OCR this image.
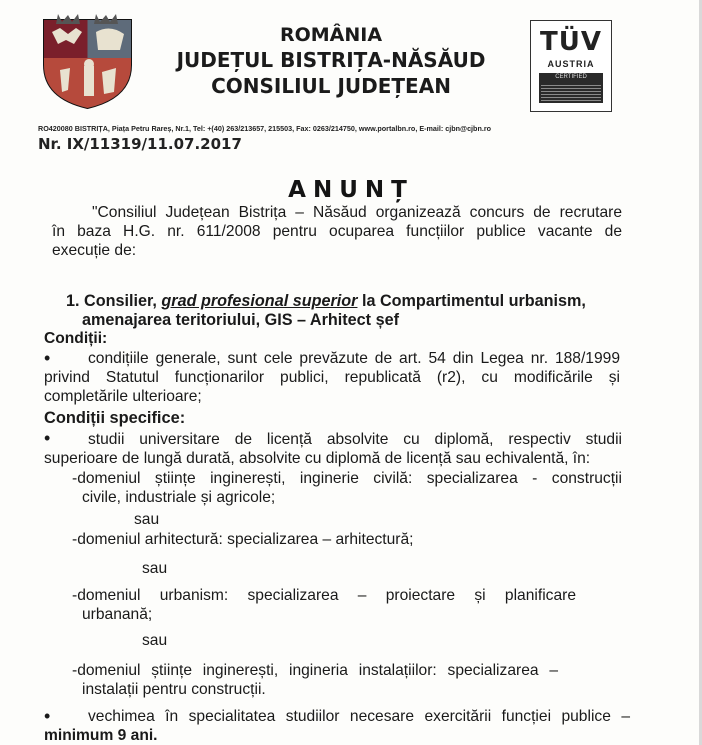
ROMÂNIA
JUDEȚUL BISTRIȚA-NĂSĂUD
CONSILIUL JUDEȚEAN
TÜV
AUSTRIA
CERTIFIED
RO420080 BISTRIȚA, Piața Petru Rareș, Nr.1, Tel: +(40) 263/213657, 215503, Fax: 0263/214750, www.portalbn.ro, E-mail: cjbn@cjbn.ro
Nr. IX/11319/11.07.2017
ANUNȚ
"Consiliul Județean Bistrița – Năsăud organizează concurs de recrutare
în baza H.G. nr. 611/2008 pentru ocuparea funcțiilor publice vacante de
execuție de:
1. Consilier, grad profesional superior la Compartimentul urbanism,
amenajarea teritoriului, GIS – Arhitect șef
Condiții:
• condițiile generale, sunt cele prevăzute de art. 54 din Legea nr. 188/1999
privind Statutul funcționarilor publici, republicată (r2), cu modificările și
completările ulterioare;
Condiții specifice:
• studii universitare de licență absolvite cu diplomă, respectiv studii
superioare de lungă durată, absolvite cu diplomă de licență sau echivalentă, în:
-domeniul științe inginerești, inginerie civilă: specializarea - construcții
civile, industriale și agricole;
sau
-domeniul arhitectură: specializarea – arhitectură;
sau
-domeniul urbanism: specializarea – proiectare și planificare
urbanană;
sau
-domeniul științe inginerești, ingineria instalațiilor: specializarea –
instalații pentru construcții.
• vechimea în specialitatea studiilor necesare exercitării funcției publice –
minimum 9 ani.
